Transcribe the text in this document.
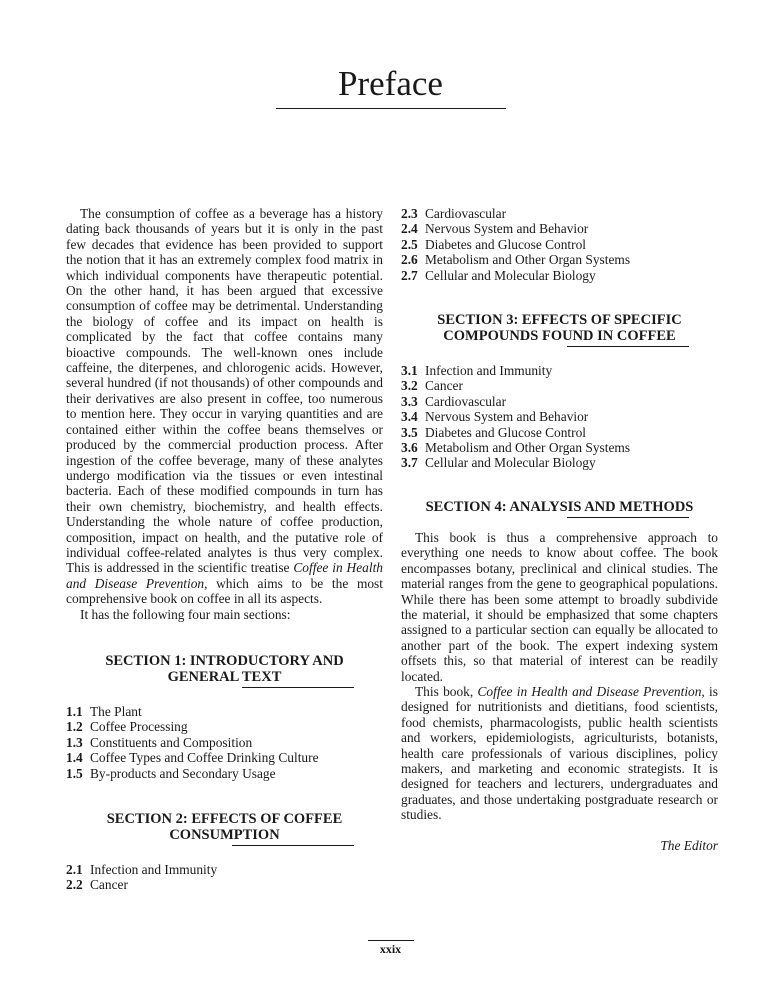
Preface

The consumption of coffee as a beverage has a history dating back thousands of years but it is only in the past few decades that evidence has been provided to support the notion that it has an extremely complex food matrix in which individual components have therapeutic potential. On the other hand, it has been argued that excessive consumption of coffee may be detrimental. Understanding the biology of coffee and its impact on health is complicated by the fact that coffee contains many bioactive compounds. The well-known ones include caffeine, the diterpenes, and chlorogenic acids. However, several hundred (if not thousands) of other compounds and their derivatives are also present in coffee, too numerous to mention here. They occur in varying quantities and are contained either within the coffee beans themselves or produced by the commercial production process. After ingestion of the coffee beverage, many of these analytes undergo modification via the tissues or even intestinal bacteria. Each of these modified compounds in turn has their own chemistry, biochemistry, and health effects. Understanding the whole nature of coffee production, composition, impact on health, and the putative role of individual coffee-related analytes is thus very complex. This is addressed in the scientific treatise Coffee in Health and Disease Prevention, which aims to be the most comprehensive book on coffee in all its aspects.

It has the following four main sections:

SECTION 1: INTRODUCTORY AND
GENERAL TEXT
1.1 The Plant
1.2 Coffee Processing
1.3 Constituents and Composition
1.4 Coffee Types and Coffee Drinking Culture
1.5 By-products and Secondary Usage
SECTION 2: EFFECTS OF COFFEE
CONSUMPTION
2.1 Infection and Immunity
2.2 Cancer
2.3 Cardiovascular
2.4 Nervous System and Behavior
2.5 Diabetes and Glucose Control
2.6 Metabolism and Other Organ Systems
2.7 Cellular and Molecular Biology
SECTION 3: EFFECTS OF SPECIFIC
COMPOUNDS FOUND IN COFFEE
3.1 Infection and Immunity
3.2 Cancer
3.3 Cardiovascular
3.4 Nervous System and Behavior
3.5 Diabetes and Glucose Control
3.6 Metabolism and Other Organ Systems
3.7 Cellular and Molecular Biology
SECTION 4: ANALYSIS AND METHODS

This book is thus a comprehensive approach to everything one needs to know about coffee. The book encompasses botany, preclinical and clinical studies. The material ranges from the gene to geographical populations. While there has been some attempt to broadly subdivide the material, it should be emphasized that some chapters assigned to a particular section can equally be allocated to another part of the book. The expert indexing system offsets this, so that material of interest can be readily located.

This book, Coffee in Health and Disease Prevention, is designed for nutritionists and dietitians, food scientists, food chemists, pharmacologists, public health scientists and workers, epidemiologists, agriculturists, botanists, health care professionals of various disciplines, policy makers, and marketing and economic strategists. It is designed for teachers and lecturers, undergraduates and graduates, and those undertaking postgraduate research or studies.

The Editor
xxix
